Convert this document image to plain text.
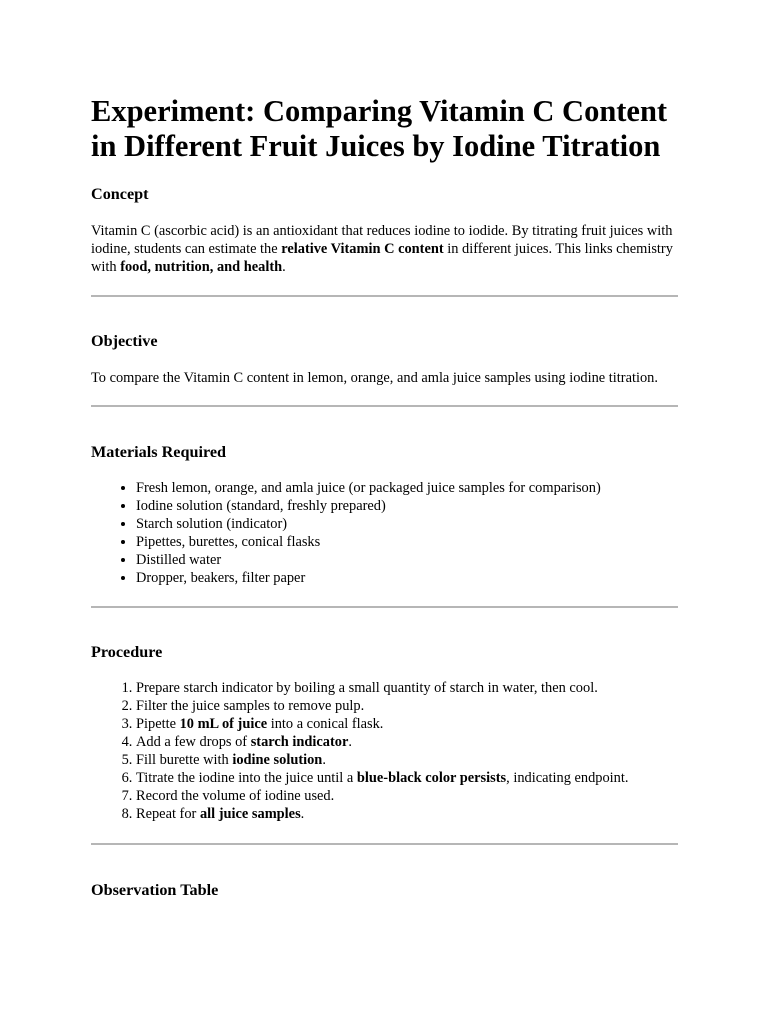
Experiment: Comparing Vitamin C Content
in Different Fruit Juices by Iodine Titration
Concept

Vitamin C (ascorbic acid) is an antioxidant that reduces iodine to iodide. By titrating fruit juices with iodine, students can estimate the relative Vitamin C content in different juices. This links chemistry with food, nutrition, and health.

Objective

To compare the Vitamin C content in lemon, orange, and amla juice samples using iodine titration.

Materials Required
• Fresh lemon, orange, and amla juice (or packaged juice samples for comparison)
• Iodine solution (standard, freshly prepared)
• Starch solution (indicator)
• Pipettes, burettes, conical flasks
• Distilled water
• Dropper, beakers, filter paper
Procedure
1. Prepare starch indicator by boiling a small quantity of starch in water, then cool.
2. Filter the juice samples to remove pulp.
3. Pipette 10 mL of juice into a conical flask.
4. Add a few drops of starch indicator.
5. Fill burette with iodine solution.
6. Titrate the iodine into the juice until a blue-black color persists, indicating endpoint.
7. Record the volume of iodine used.
8. Repeat for all juice samples.
Observation Table
